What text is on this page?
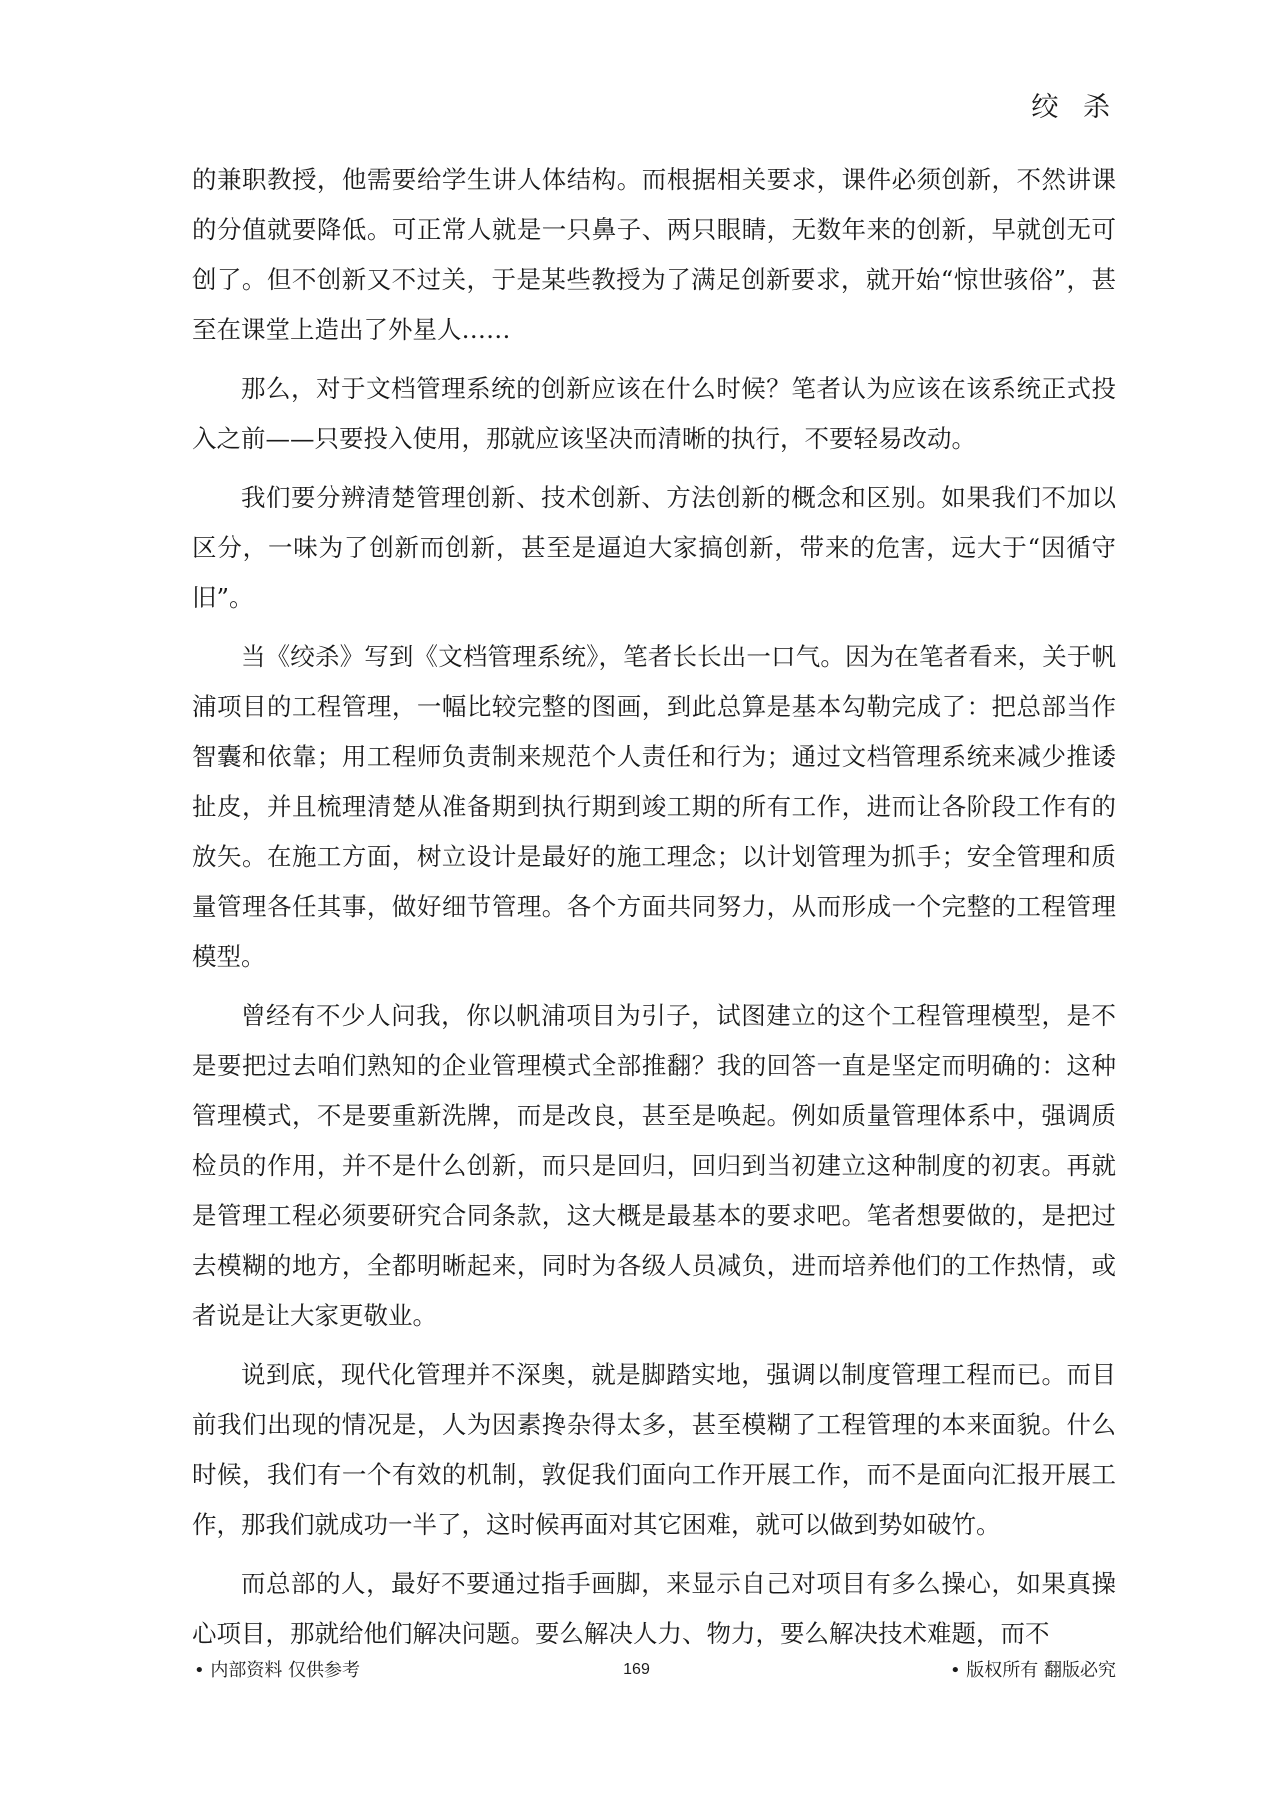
绞 杀

的兼职教授，他需要给学生讲人体结构。而根据相关要求，课件必须创新，不然讲课的分值就要降低。可正常人就是一只鼻子、两只眼睛，无数年来的创新，早就创无可创了。但不创新又不过关，于是某些教授为了满足创新要求，就开始“惊世骇俗”，甚至在课堂上造出了外星人……

那么，对于文档管理系统的创新应该在什么时候？笔者认为应该在该系统正式投入之前——只要投入使用，那就应该坚决而清晰的执行，不要轻易改动。

我们要分辨清楚管理创新、技术创新、方法创新的概念和区别。如果我们不加以区分，一味为了创新而创新，甚至是逼迫大家搞创新，带来的危害，远大于“因循守旧”。

当《绞杀》写到《文档管理系统》，笔者长长出一口气。因为在笔者看来，关于帆浦项目的工程管理，一幅比较完整的图画，到此总算是基本勾勒完成了：把总部当作智囊和依靠；用工程师负责制来规范个人责任和行为；通过文档管理系统来减少推诿扯皮，并且梳理清楚从准备期到执行期到竣工期的所有工作，进而让各阶段工作有的放矢。在施工方面，树立设计是最好的施工理念；以计划管理为抓手；安全管理和质量管理各任其事，做好细节管理。各个方面共同努力，从而形成一个完整的工程管理模型。

曾经有不少人问我，你以帆浦项目为引子，试图建立的这个工程管理模型，是不是要把过去咱们熟知的企业管理模式全部推翻？我的回答一直是坚定而明确的：这种管理模式，不是要重新洗牌，而是改良，甚至是唤起。例如质量管理体系中，强调质检员的作用，并不是什么创新，而只是回归，回归到当初建立这种制度的初衷。再就是管理工程必须要研究合同条款，这大概是最基本的要求吧。笔者想要做的，是把过去模糊的地方，全都明晰起来，同时为各级人员减负，进而培养他们的工作热情，或者说是让大家更敬业。

说到底，现代化管理并不深奥，就是脚踏实地，强调以制度管理工程而已。而目前我们出现的情况是，人为因素搀杂得太多，甚至模糊了工程管理的本来面貌。什么时候，我们有一个有效的机制，敦促我们面向工作开展工作，而不是面向汇报开展工作，那我们就成功一半了，这时候再面对其它困难，就可以做到势如破竹。

而总部的人，最好不要通过指手画脚，来显示自己对项目有多么操心，如果真操心项目，那就给他们解决问题。要么解决人力、物力，要么解决技术难题，而不

• 内部资料 仅供参考	169	• 版权所有 翻版必究
